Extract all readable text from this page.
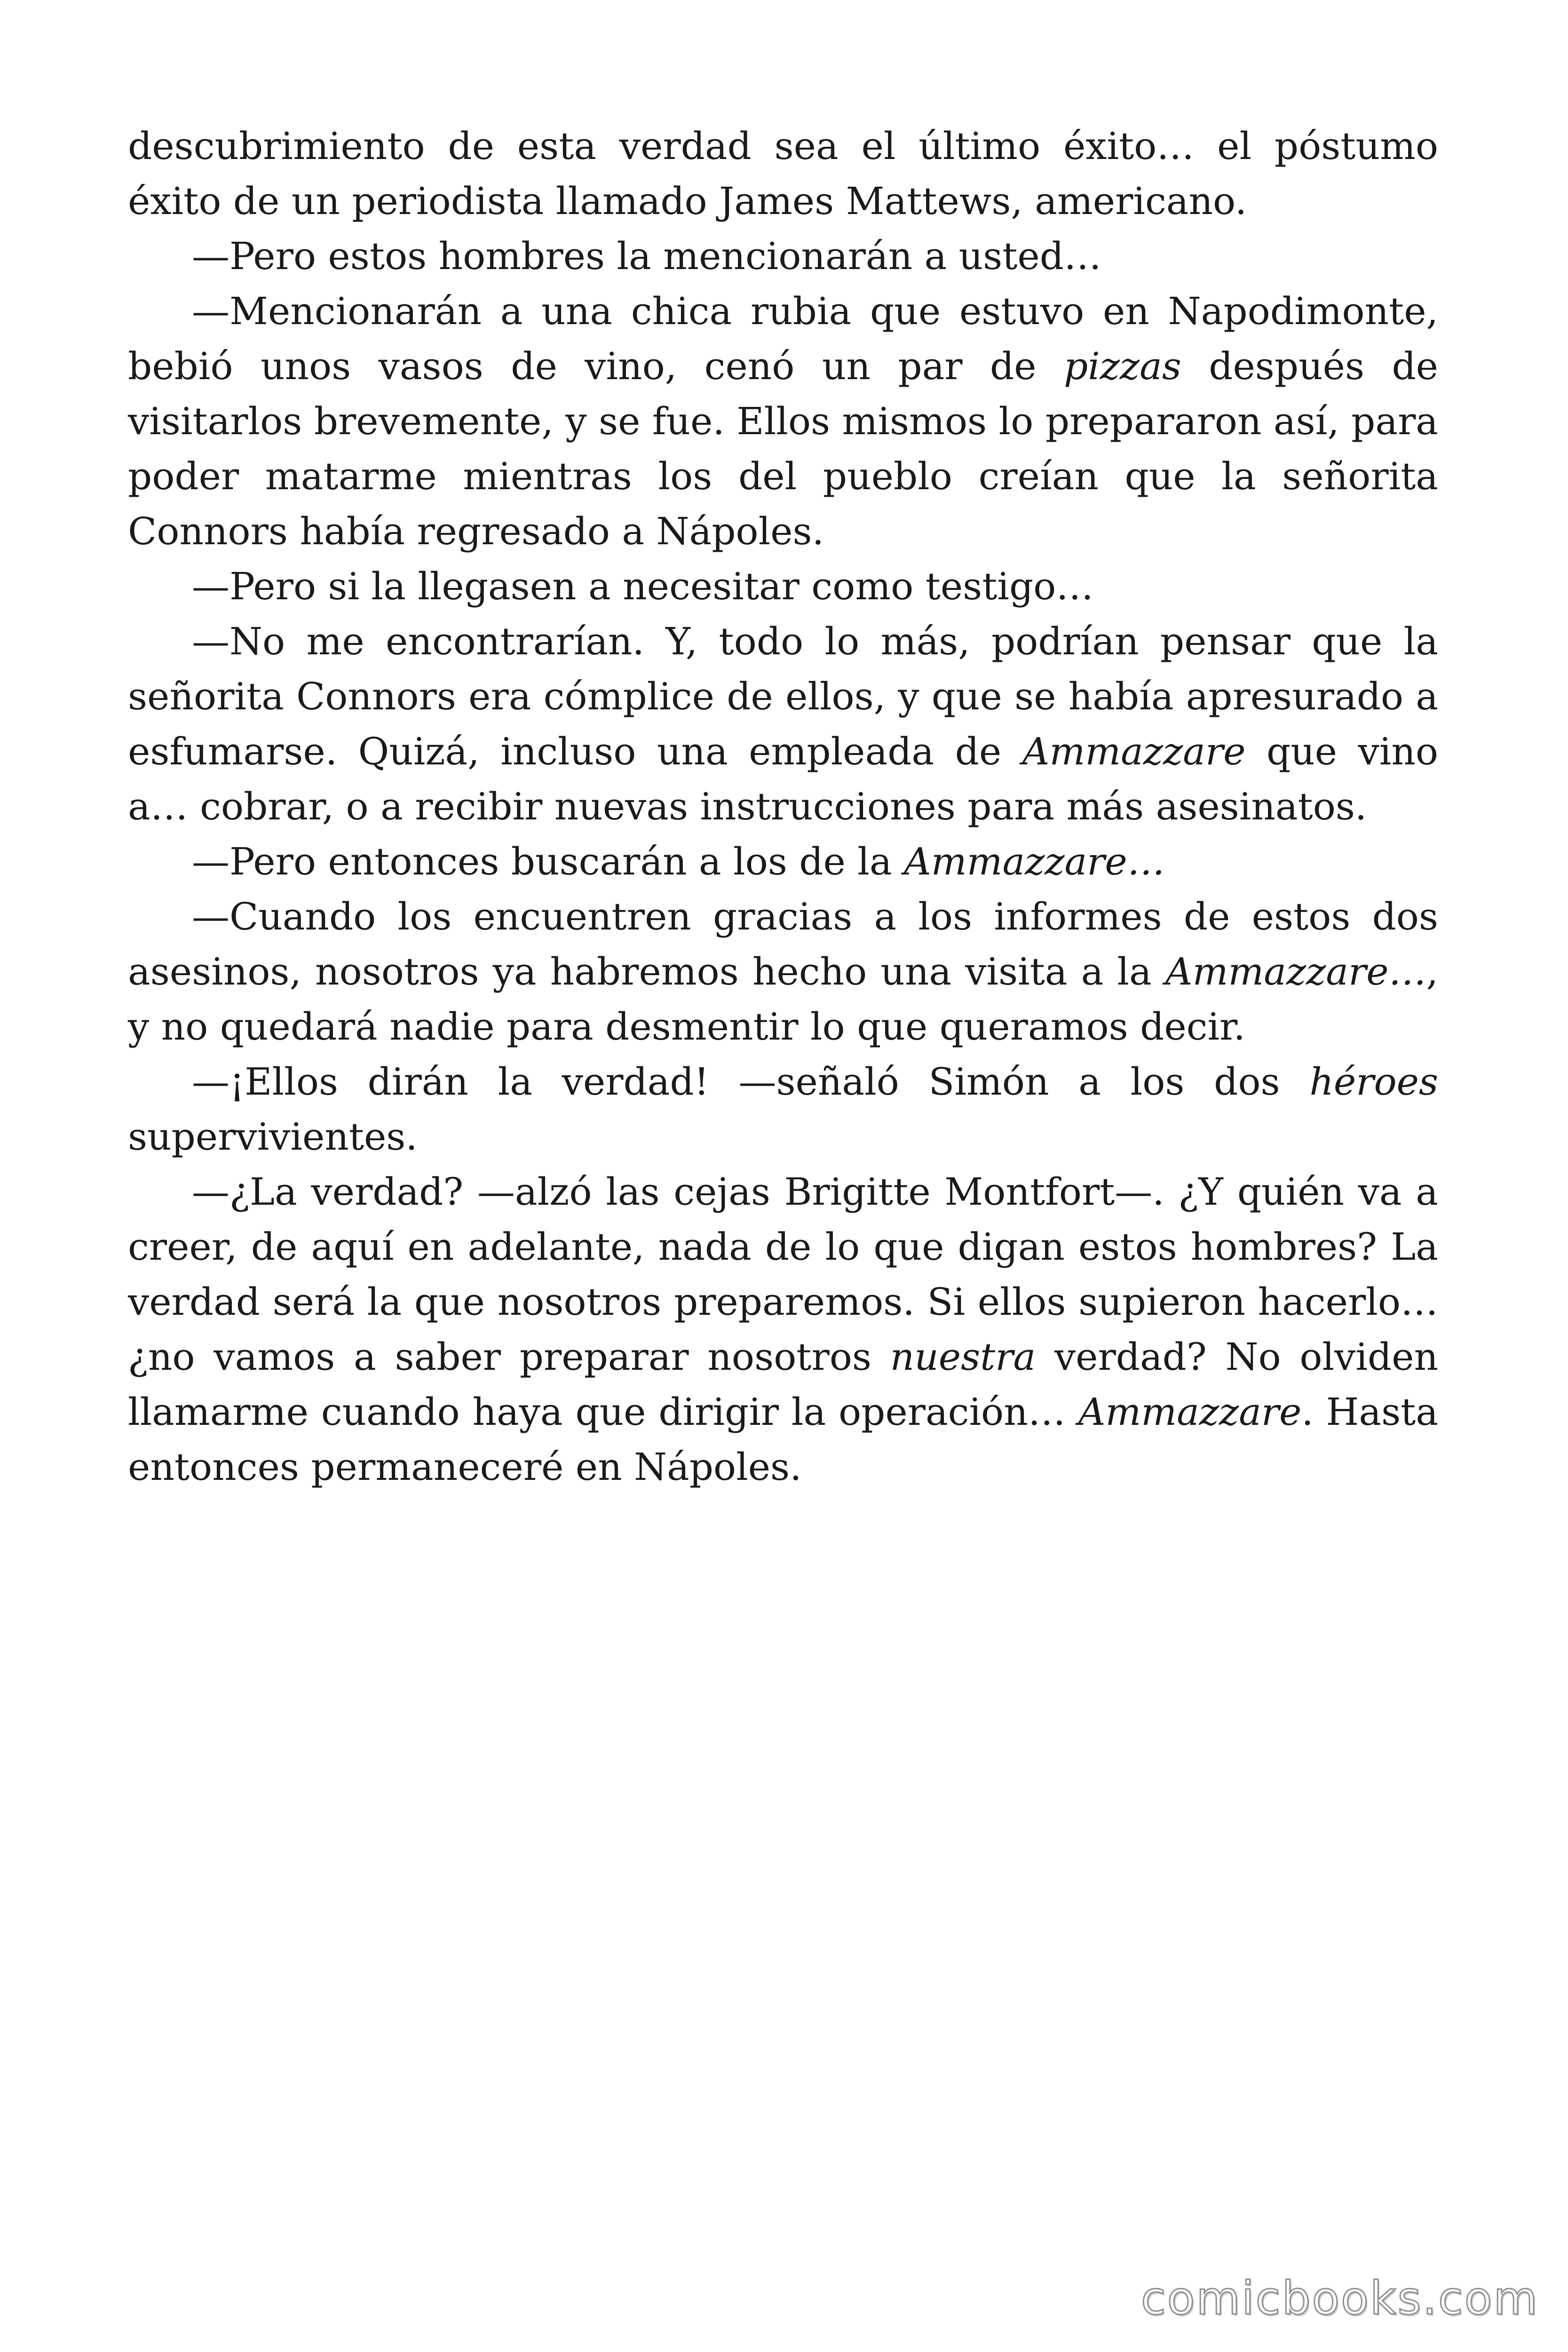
descubrimiento de esta verdad sea el último éxito… el póstumo éxito de un periodista llamado James Mattews, americano.

—Pero estos hombres la mencionarán a usted…

—Mencionarán a una chica rubia que estuvo en Napodimonte, bebió unos vasos de vino, cenó un par de pizzas después de visitarlos brevemente, y se fue. Ellos mismos lo prepararon así, para poder matarme mientras los del pueblo creían que la señorita Connors había regresado a Nápoles.

—Pero si la llegasen a necesitar como testigo…

—No me encontrarían. Y, todo lo más, podrían pensar que la señorita Connors era cómplice de ellos, y que se había apresurado a esfumarse. Quizá, incluso una empleada de Ammazzare que vino a… cobrar, o a recibir nuevas instrucciones para más asesinatos.

—Pero entonces buscarán a los de la Ammazzare…

—Cuando los encuentren gracias a los informes de estos dos asesinos, nosotros ya habremos hecho una visita a la Ammazzare…, y no quedará nadie para desmentir lo que queramos decir.

—¡Ellos dirán la verdad! —señaló Simón a los dos héroes supervivientes.

—¿La verdad? —alzó las cejas Brigitte Montfort—. ¿Y quién va a creer, de aquí en adelante, nada de lo que digan estos hombres? La verdad será la que nosotros preparemos. Si ellos supieron hacerlo… ¿no vamos a saber preparar nosotros nuestra verdad? No olviden llamarme cuando haya que dirigir la operación… Ammazzare. Hasta entonces permaneceré en Nápoles.

comicbooks.com
